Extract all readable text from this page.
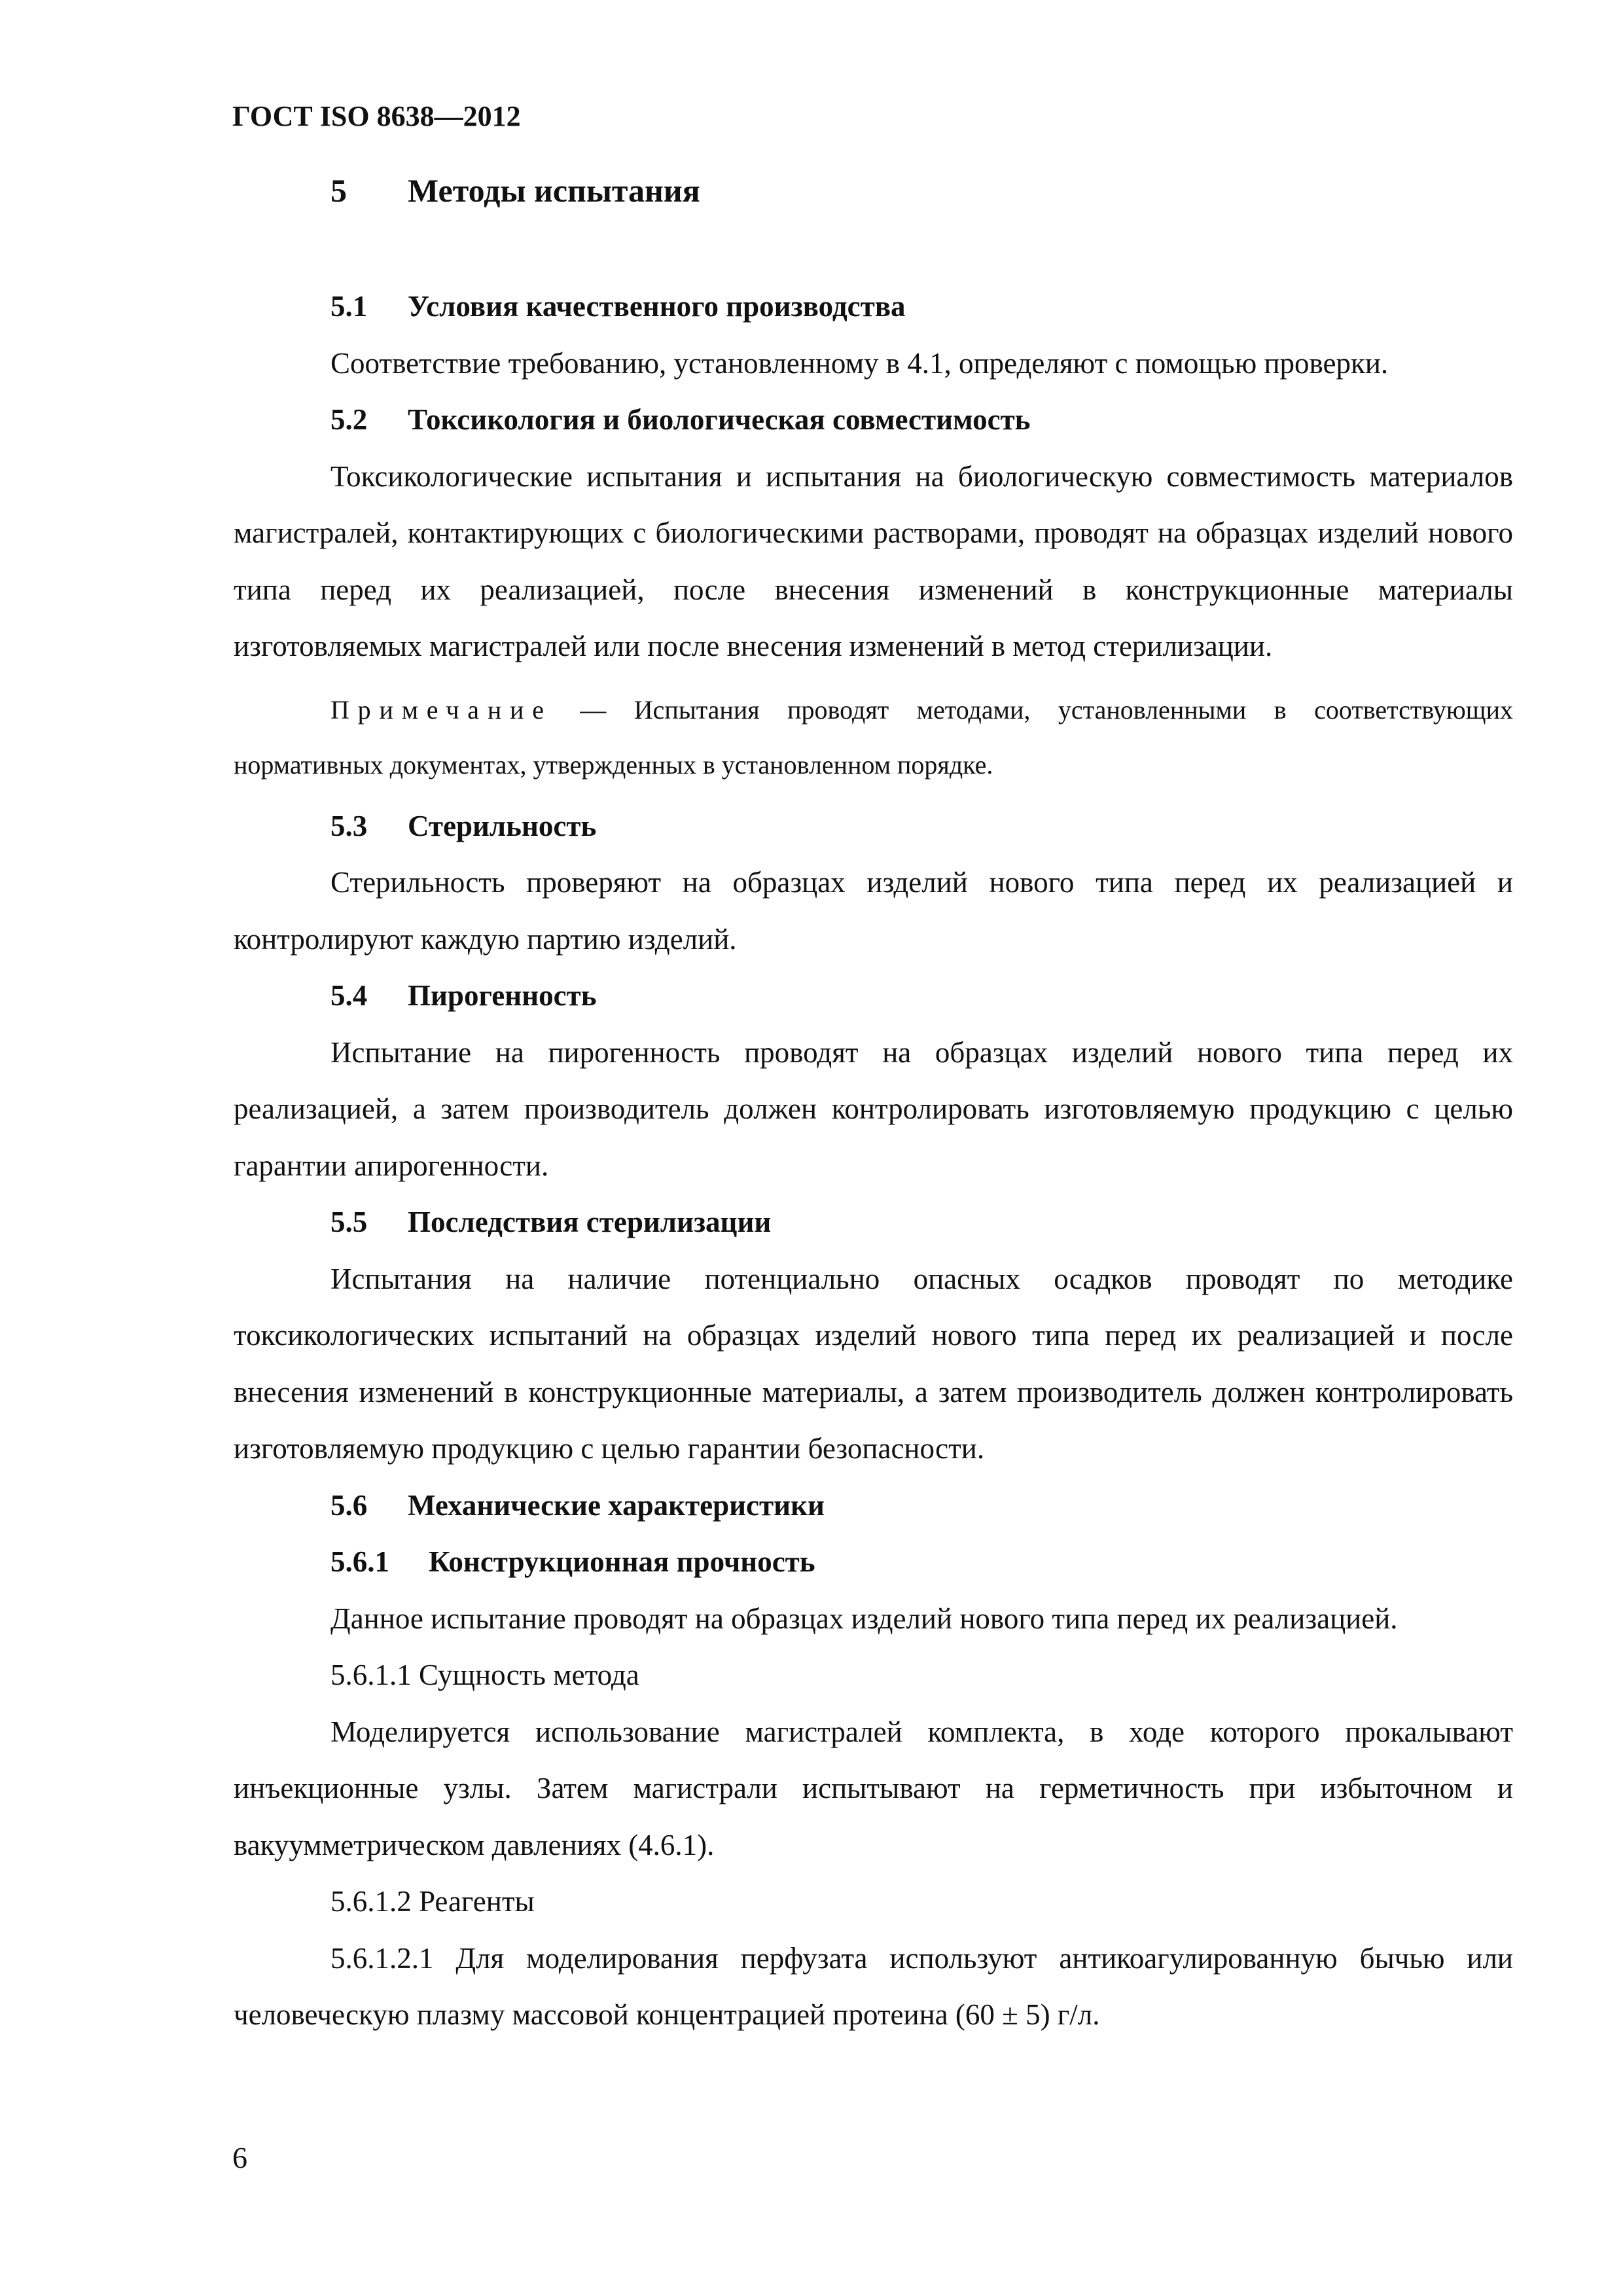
ГОСТ ISO 8638—2012
5 Методы испытания
5.1 Условия качественного производства

Соответствие требованию, установленному в 4.1, определяют с помощью проверки.

5.2 Токсикология и биологическая совместимость

Токсикологические испытания и испытания на биологическую совместимость материалов магистралей, контактирующих с биологическими растворами, проводят на образцах изделий нового типа перед их реализацией, после внесения изменений в конструкционные материалы изготовляемых магистралей или после внесения изменений в метод стерилизации.

Примечание — Испытания проводят методами, установленными в соответствующих нормативных документах, утвержденных в установленном порядке.

5.3 Стерильность

Стерильность проверяют на образцах изделий нового типа перед их реализацией и контролируют каждую партию изделий.

5.4 Пирогенность

Испытание на пирогенность проводят на образцах изделий нового типа перед их реализацией, а затем производитель должен контролировать изготовляемую продукцию с целью гарантии апирогенности.

5.5 Последствия стерилизации

Испытания на наличие потенциально опасных осадков проводят по методике токсикологических испытаний на образцах изделий нового типа перед их реализацией и после внесения изменений в конструкционные материалы, а затем производитель должен контролировать изготовляемую продукцию с целью гарантии безопасности.

5.6 Механические характеристики
5.6.1 Конструкционная прочность

Данное испытание проводят на образцах изделий нового типа перед их реализацией.

5.6.1.1 Сущность метода

Моделируется использование магистралей комплекта, в ходе которого прокалывают инъекционные узлы. Затем магистрали испытывают на герметичность при избыточном и вакуумметрическом давлениях (4.6.1).

5.6.1.2 Реагенты

5.6.1.2.1 Для моделирования перфузата используют антикоагулированную бычью или человеческую плазму массовой концентрацией протеина (60 ± 5) г/л.

6
